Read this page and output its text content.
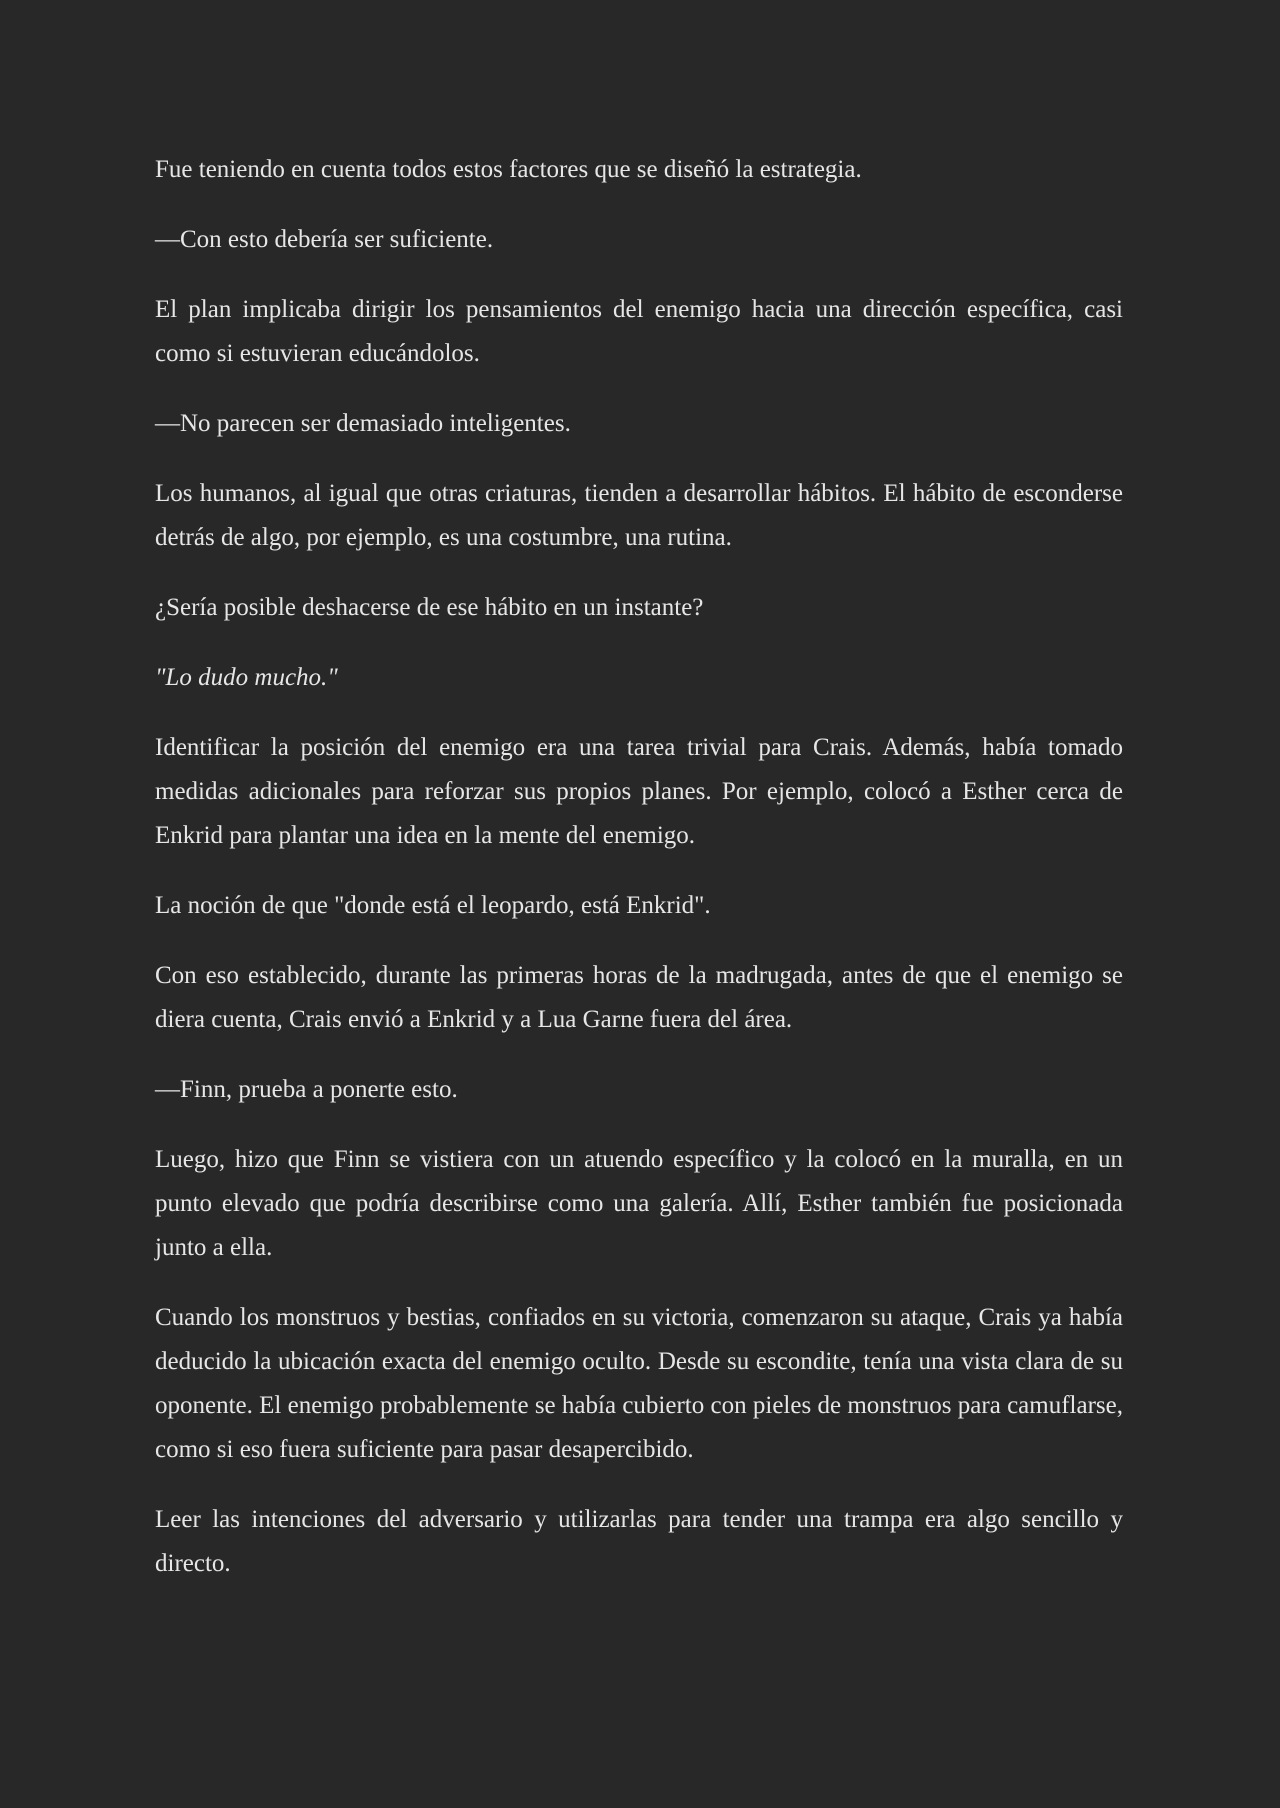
Fue teniendo en cuenta todos estos factores que se diseñó la estrategia.

—Con esto debería ser suficiente.

El plan implicaba dirigir los pensamientos del enemigo hacia una dirección específica, casi como si estuvieran educándolos.

—No parecen ser demasiado inteligentes.

Los humanos, al igual que otras criaturas, tienden a desarrollar hábitos. El hábito de esconderse detrás de algo, por ejemplo, es una costumbre, una rutina.

¿Sería posible deshacerse de ese hábito en un instante?

"Lo dudo mucho."

Identificar la posición del enemigo era una tarea trivial para Crais. Además, había tomado medidas adicionales para reforzar sus propios planes. Por ejemplo, colocó a Esther cerca de Enkrid para plantar una idea en la mente del enemigo.

La noción de que "donde está el leopardo, está Enkrid".

Con eso establecido, durante las primeras horas de la madrugada, antes de que el enemigo se diera cuenta, Crais envió a Enkrid y a Lua Garne fuera del área.

—Finn, prueba a ponerte esto.

Luego, hizo que Finn se vistiera con un atuendo específico y la colocó en la muralla, en un punto elevado que podría describirse como una galería. Allí, Esther también fue posicionada junto a ella.

Cuando los monstruos y bestias, confiados en su victoria, comenzaron su ataque, Crais ya había deducido la ubicación exacta del enemigo oculto. Desde su escondite, tenía una vista clara de su oponente. El enemigo probablemente se había cubierto con pieles de monstruos para camuflarse, como si eso fuera suficiente para pasar desapercibido.

Leer las intenciones del adversario y utilizarlas para tender una trampa era algo sencillo y directo.
